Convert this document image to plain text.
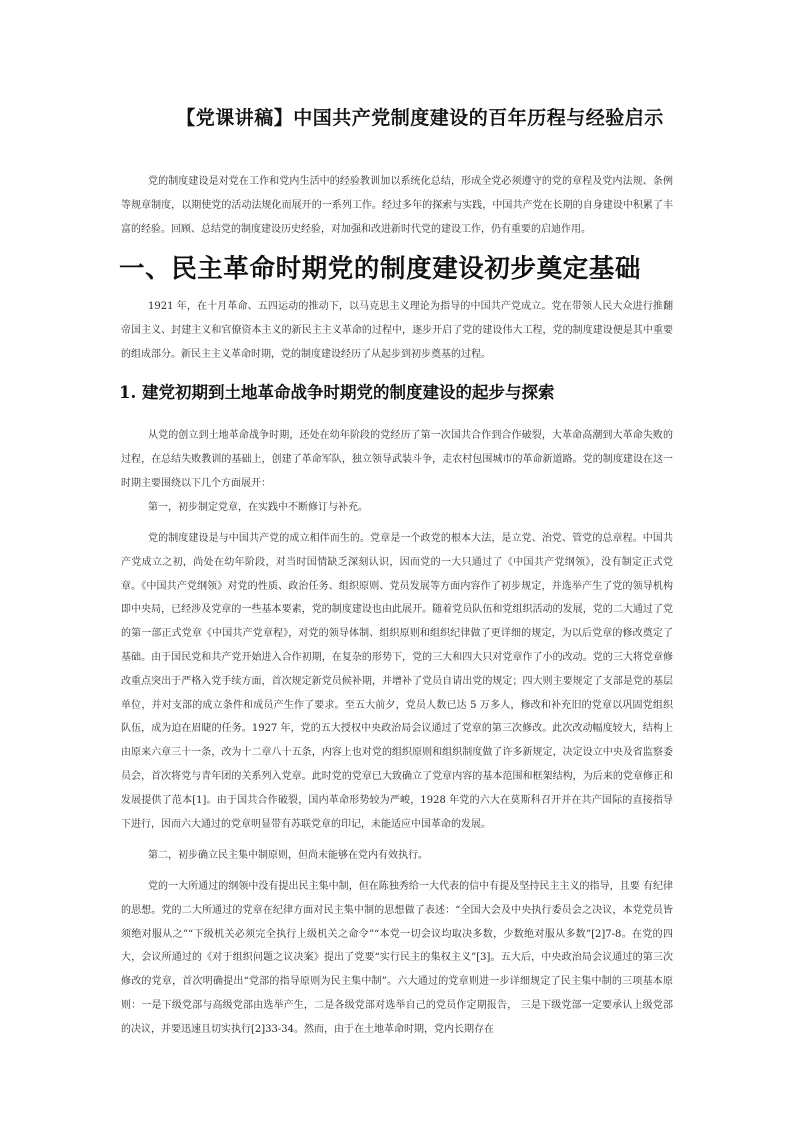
【党课讲稿】中国共产党制度建设的百年历程与经验启示

党的制度建设是对党在工作和党内生活中的经验教训加以系统化总结，形成全党必须遵守的党的章程及党内法规、条例等规章制度，以期使党的活动法规化而展开的一系列工作。经过多年的探索与实践，中国共产党在长期的自身建设中积累了丰富的经验。回顾、总结党的制度建设历史经验，对加强和改进新时代党的建设工作，仍有重要的启迪作用。

一、民主革命时期党的制度建设初步奠定基础

1921 年，在十月革命、五四运动的推动下，以马克思主义理论为指导的中国共产党成立。党在带领人民大众进行推翻帝国主义、封建主义和官僚资本主义的新民主主义革命的过程中，逐步开启了党的建设伟大工程，党的制度建设便是其中重要的组成部分。新民主主义革命时期，党的制度建设经历了从起步到初步奠基的过程。

1. 建党初期到土地革命战争时期党的制度建设的起步与探索

从党的创立到土地革命战争时期，还处在幼年阶段的党经历了第一次国共合作到合作破裂，大革命高潮到大革命失败的过程，在总结失败教训的基础上，创建了革命军队，独立领导武装斗争，走农村包围城市的革命新道路。党的制度建设在这一时期主要围绕以下几个方面展开：

第一，初步制定党章，在实践中不断修订与补充。

党的制度建设是与中国共产党的成立相伴而生的。党章是一个政党的根本大法，是立党、治党、管党的总章程。中国共产党成立之初，尚处在幼年阶段，对当时国情缺乏深刻认识，因而党的一大只通过了《中国共产党纲领》，没有制定正式党章。《中国共产党纲领》对党的性质、政治任务、组织原则、党员发展等方面内容作了初步规定，并选举产生了党的领导机构即中央局，已经涉及党章的一些基本要素，党的制度建设也由此展开。随着党员队伍和党组织活动的发展，党的二大通过了党的第一部正式党章《中国共产党章程》，对党的领导体制、组织原则和组织纪律做了更详细的规定，为以后党章的修改奠定了基础。由于国民党和共产党开始进入合作初期，在复杂的形势下，党的三大和四大只对党章作了小的改动。党的三大将党章修改重点突出于严格入党手续方面，首次规定新党员候补期，并增补了党员自请出党的规定；四大则主要规定了支部是党的基层单位，并对支部的成立条件和成员产生作了要求。至五大前夕，党员人数已达 5 万多人，修改和补充旧的党章以巩固党组织队伍，成为迫在眉睫的任务。1927 年，党的五大授权中央政治局会议通过了党章的第三次修改。此次改动幅度较大，结构上由原来六章三十一条，改为十二章八十五条，内容上也对党的组织原则和组织制度做了许多新规定，决定设立中央及省监察委员会，首次将党与青年团的关系列入党章。此时党的党章已大致确立了党章内容的基本范围和框架结构，为后来的党章修正和发展提供了范本[1]。由于国共合作破裂，国内革命形势较为严峻，1928 年党的六大在莫斯科召开并在共产国际的直接指导下进行，因而六大通过的党章明显带有苏联党章的印记，未能适应中国革命的发展。

第二，初步确立民主集中制原则，但尚未能够在党内有效执行。

党的一大所通过的纲领中没有提出民主集中制，但在陈独秀给一大代表的信中有提及坚持民主主义的指导，且要 有纪律的思想。党的二大所通过的党章在纪律方面对民主集中制的思想做了表述：“全国大会及中央执行委员会之决议，本党党员皆须绝对服从之”“下级机关必须完全执行上级机关之命令”“本党一切会议均取决多数，少数绝对服从多数”[2]7-8。在党的四大，会议所通过的《对于组织问题之议决案》提出了党要“实行民主的集权主义”[3]。五大后，中央政治局会议通过的第三次修改的党章，首次明确提出“党部的指导原则为民主集中制”。六大通过的党章则进一步详细规定了民主集中制的三项基本原则：一是下级党部与高级党部由选举产生，二是各级党部对选举自己的党员作定期报告， 三是下级党部一定要承认上级党部的决议，并要迅速且切实执行[2]33-34。然而，由于在土地革命时期，党内长期存在
